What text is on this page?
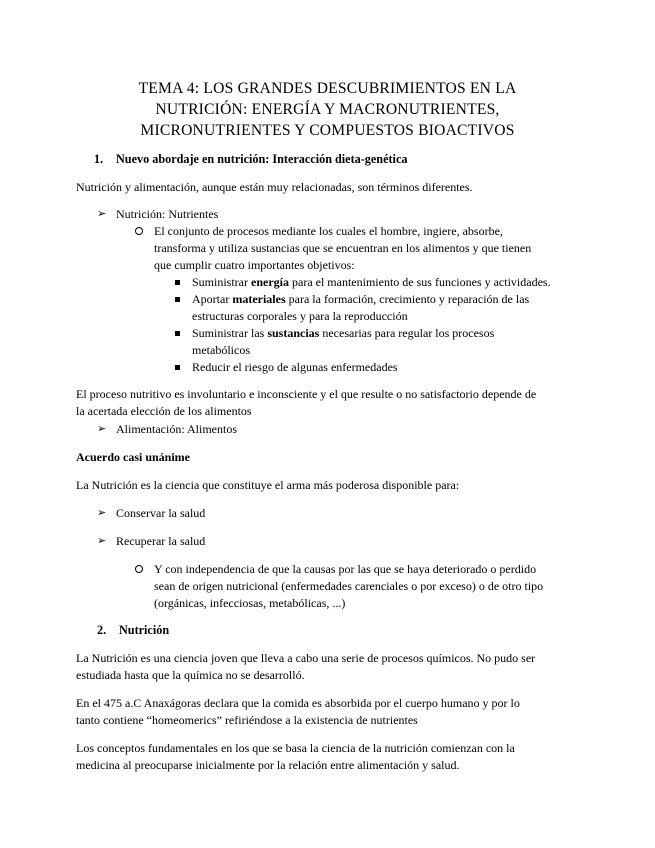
TEMA 4: LOS GRANDES DESCUBRIMIENTOS EN LA
NUTRICIÓN: ENERGÍA Y MACRONUTRIENTES,
MICRONUTRIENTES Y COMPUESTOS BIOACTIVOS
1. Nuevo abordaje en nutrición: Interacción dieta-genética
Nutrición y alimentación, aunque están muy relacionadas, son términos diferentes.
➢ Nutrición: Nutrientes
El conjunto de procesos mediante los cuales el hombre, ingiere, absorbe,
transforma y utiliza sustancias que se encuentran en los alimentos y que tienen
que cumplir cuatro importantes objetivos:
Suministrar energía para el mantenimiento de sus funciones y actividades.
Aportar materiales para la formación, crecimiento y reparación de las
estructuras corporales y para la reproducción
Suministrar las sustancias necesarias para regular los procesos
metabólicos
Reducir el riesgo de algunas enfermedades
El proceso nutritivo es involuntario e inconsciente y el que resulte o no satisfactorio depende de
la acertada elección de los alimentos
➢ Alimentación: Alimentos
Acuerdo casi unánime
La Nutrición es la ciencia que constituye el arma más poderosa disponible para:
➢ Conservar la salud
➢ Recuperar la salud
Y con independencia de que la causas por las que se haya deteriorado o perdido
sean de origen nutricional (enfermedades carenciales o por exceso) o de otro tipo
(orgánicas, infecciosas, metabólicas, ...)
2. Nutrición
La Nutrición es una ciencia joven que lleva a cabo una serie de procesos químicos. No pudo ser
estudiada hasta que la química no se desarrolló.
En el 475 a.C Anaxágoras declara que la comida es absorbida por el cuerpo humano y por lo
tanto contiene “homeomerics” refiriéndose a la existencia de nutrientes
Los conceptos fundamentales en los que se basa la ciencia de la nutrición comienzan con la
medicina al preocuparse inicialmente por la relación entre alimentación y salud.
